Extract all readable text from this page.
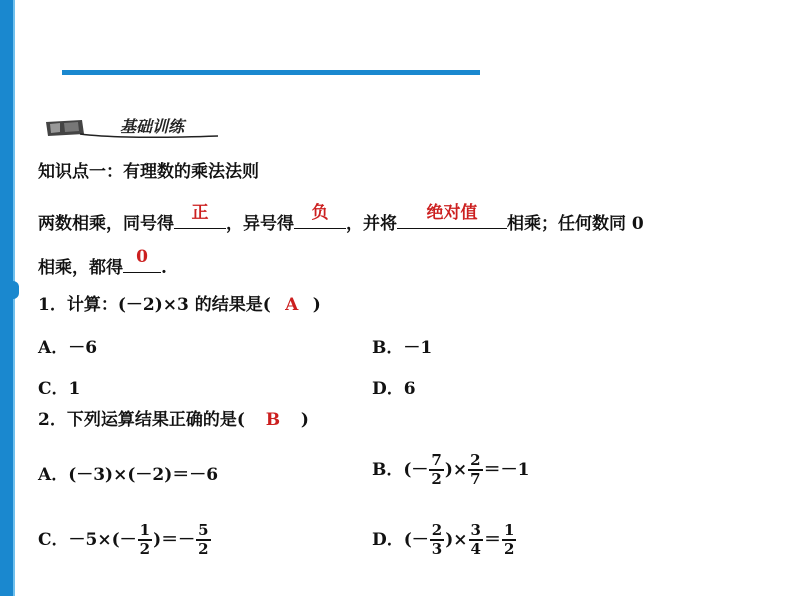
基础训练
知识点一：有理数的乘法法则
两数相乘，同号得
正
，异号得
负
，并将
绝对值
相乘；任何数同 0
相乘，都得
0
.
1．计算：(－2)×3 的结果是( A )
A．－6	B．－1
C．1	D．6
2．下列运算结果正确的是( B )
A．(－3)×(－2)＝－6	B． (－ $\frac{7}{2}$ )× $\frac{2}{7} =-1$
C． $-5\times(- \frac{1}{2}$ )＝－ $\frac{5}{2}$	D． (－ $\frac{2}{3}$ )× $\frac{3}{4} = \frac{1}{2}$
